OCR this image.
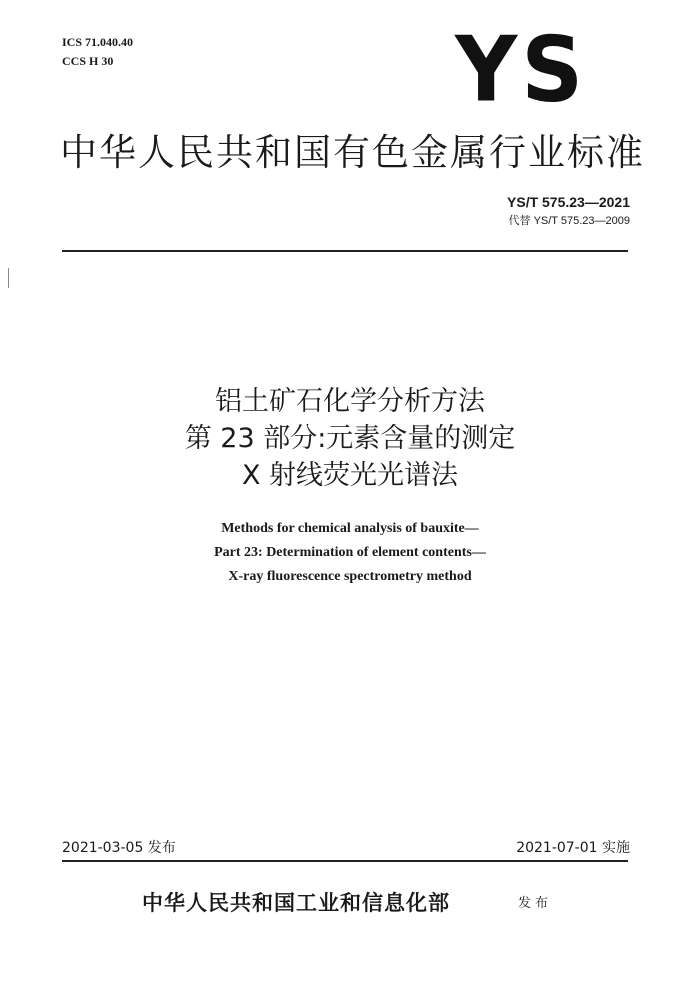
ICS 71.040.40
CCS H 30	YS
中华人民共和国有色金属行业标准
YS/T 575.23—2021
代替 YS/T 575.23—2009
铝土矿石化学分析方法
第 23 部分:元素含量的测定
X 射线荧光光谱法
Methods for chemical analysis of bauxite—
Part 23: Determination of element contents—
X-ray fluorescence spectrometry method
2021-03-05 发布	2021-07-01 实施
中华人民共和国工业和信息化部	发布
